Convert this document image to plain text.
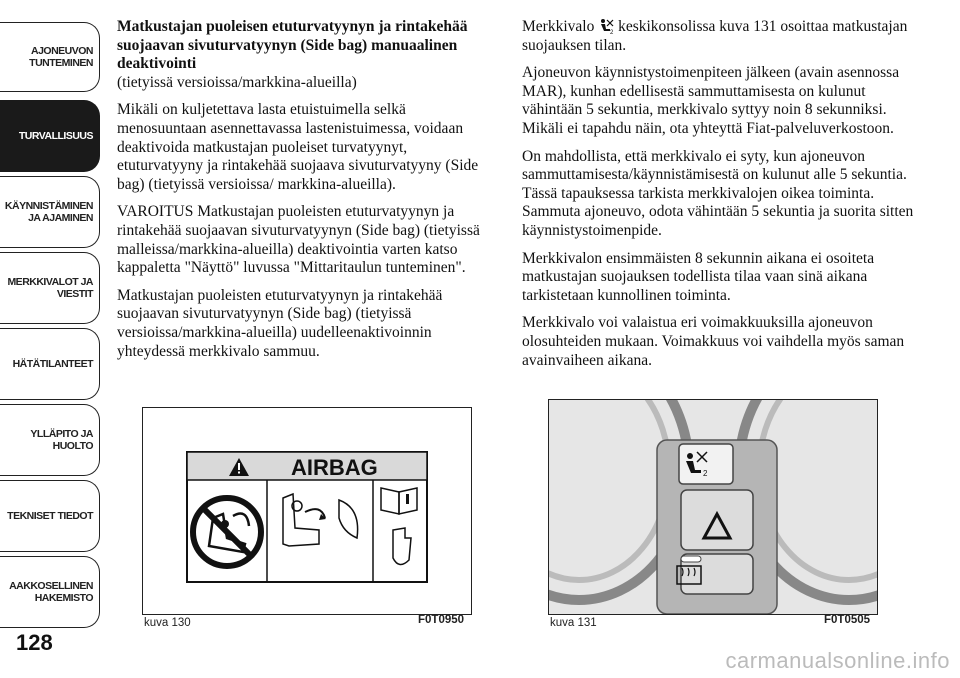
AJONEUVON
TUNTEMINEN
TURVALLISUUS
KÄYNNISTÄMINEN
JA AJAMINEN
MERKKIVALOT JA
VIESTIT
HÄTÄTILANTEET
YLLÄPITO JA HUOLTO
TEKNISET TIEDOT
AAKKOSELLINEN
HAKEMISTO
128
Matkustajan puoleisen etuturvatyynyn ja rintakehää suojaavan sivuturvatyynyn (Side bag) manuaalinen deaktivointi

(tietyissä versioissa/markkina-alueilla)

Mikäli on kuljetettava lasta etuistuimella selkä menosuuntaan asennettavassa lastenistuimessa, voidaan deaktivoida matkustajan puoleiset turvatyynyt, etuturvatyyny ja rintakehää suojaava sivuturvatyyny (Side bag) (tietyissä versioissa/ markkina-alueilla).

VAROITUS Matkustajan puoleisten etuturvatyynyn ja rintakehää suojaavan sivuturvatyynyn (Side bag) (tietyissä malleissa/markkina-alueilla) deaktivointia varten katso kappaletta "Näyttö" luvussa "Mittaritaulun tunteminen".

Matkustajan puoleisten etuturvatyynyn ja rintakehää suojaavan sivuturvatyynyn (Side bag) (tietyissä versioissa/markkina-alueilla) uudelleenaktivoinnin yhteydessä merkkivalo sammuu.

Merkkivalo	2 keskikonsolissa kuva 131 osoittaa matkustajan suojauksen tilan.

Ajoneuvon käynnistystoimenpiteen jälkeen (avain asennossa MAR), kunhan edellisestä sammuttamisesta on kulunut vähintään 5 sekuntia, merkkivalo syttyy noin 8 sekunniksi. Mikäli ei tapahdu näin, ota yhteyttä Fiat-palveluverkostoon.

On mahdollista, että merkkivalo ei syty, kun ajoneuvon sammuttamisesta/käynnistämisestä on kulunut alle 5 sekuntia. Tässä tapauksessa tarkista merkkivalojen oikea toiminta. Sammuta ajoneuvo, odota vähintään 5 sekuntia ja suorita sitten käynnistystoimenpide.

Merkkivalon ensimmäisten 8 sekunnin aikana ei osoiteta matkustajan suojauksen todellista tilaa vaan sinä aikana tarkistetaan kunnollinen toiminta.

Merkkivalo voi valaistua eri voimakkuuksilla ajoneuvon olosuhteiden mukaan. Voimakkuus voi vaihdella myös saman avainvaiheen aikana.

AIRBAG
kuva 130	F0T0950
2
kuva 131	F0T0505
carmanualsonline.info
